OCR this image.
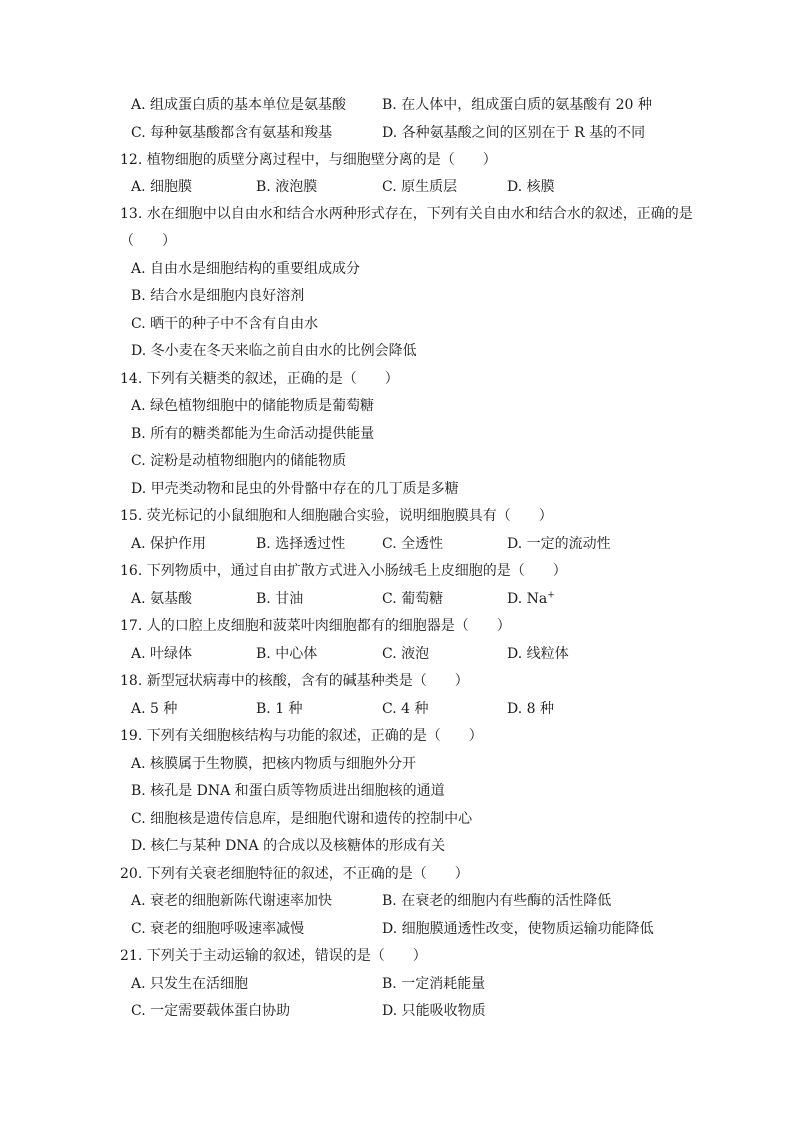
A. 组成蛋白质的基本单位是氨基酸	B. 在人体中，组成蛋白质的氨基酸有 20 种
C. 每种氨基酸都含有氨基和羧基	D. 各种氨基酸之间的区别在于 R 基的不同
12. 植物细胞的质壁分离过程中，与细胞壁分离的是（　　）
A. 细胞膜	B. 液泡膜	C. 原生质层	D. 核膜
13. 水在细胞中以自由水和结合水两种形式存在，下列有关自由水和结合水的叙述，正确的是
（　　）
A. 自由水是细胞结构的重要组成成分
B. 结合水是细胞内良好溶剂
C. 晒干的种子中不含有自由水
D. 冬小麦在冬天来临之前自由水的比例会降低
14. 下列有关糖类的叙述，正确的是（　　）
A. 绿色植物细胞中的储能物质是葡萄糖
B. 所有的糖类都能为生命活动提供能量
C. 淀粉是动植物细胞内的储能物质
D. 甲壳类动物和昆虫的外骨骼中存在的几丁质是多糖
15. 荧光标记的小鼠细胞和人细胞融合实验，说明细胞膜具有（　　）
A. 保护作用	B. 选择透过性	C. 全透性	D. 一定的流动性
16. 下列物质中，通过自由扩散方式进入小肠绒毛上皮细胞的是（　　）
A. 氨基酸	B. 甘油	C. 葡萄糖	D. Na+
17. 人的口腔上皮细胞和菠菜叶肉细胞都有的细胞器是（　　）
A. 叶绿体	B. 中心体	C. 液泡	D. 线粒体
18. 新型冠状病毒中的核酸，含有的碱基种类是（　　）
A. 5 种	B. 1 种	C. 4 种	D. 8 种
19. 下列有关细胞核结构与功能的叙述，正确的是（　　）
A. 核膜属于生物膜，把核内物质与细胞外分开
B. 核孔是 DNA 和蛋白质等物质进出细胞核的通道
C. 细胞核是遗传信息库，是细胞代谢和遗传的控制中心
D. 核仁与某种 DNA 的合成以及核糖体的形成有关
20. 下列有关衰老细胞特征的叙述，不正确的是（　　）
A. 衰老的细胞新陈代谢速率加快	B. 在衰老的细胞内有些酶的活性降低
C. 衰老的细胞呼吸速率减慢	D. 细胞膜通透性改变，使物质运输功能降低
21. 下列关于主动运输的叙述，错误的是（　　）
A. 只发生在活细胞	B. 一定消耗能量
C. 一定需要载体蛋白协助	D. 只能吸收物质
